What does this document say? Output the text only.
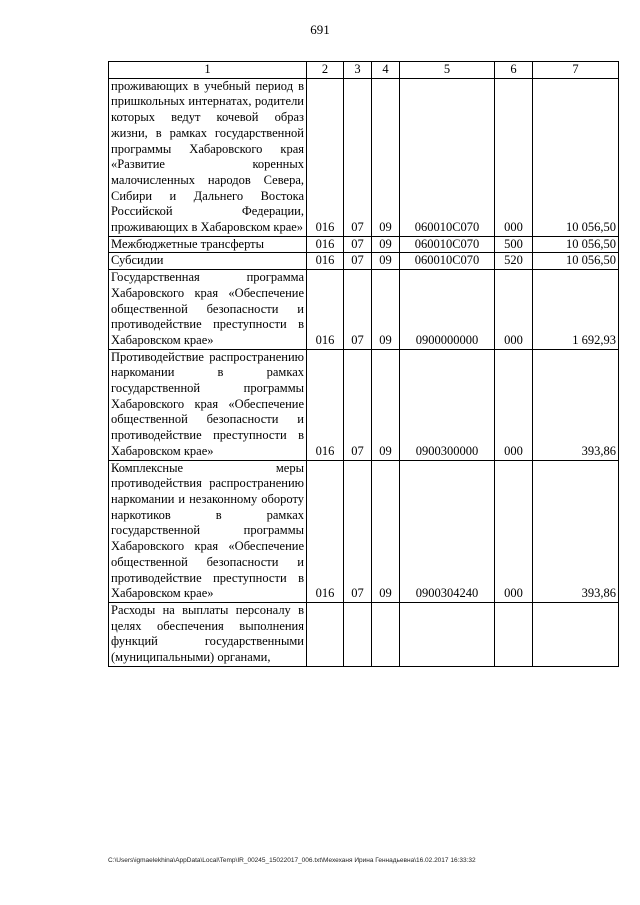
691
1	2	3	4	5	6	7
проживающих в учебный период в пришкольных интернатах, родители которых ведут кочевой образ жизни, в рамках государственной программы Хабаровского края «Развитие коренных малочисленных народов Севера, Сибири и Дальнего Востока Российской Федерации, проживающих в Хабаровском крае»	016	07	09	060010С070	000	10 056,50
Межбюджетные трансферты	016	07	09	060010С070	500	10 056,50
Субсидии	016	07	09	060010С070	520	10 056,50
Государственная программа Хабаровского края «Обеспечение общественной безопасности и противодействие преступности в Хабаровском крае»	016	07	09	0900000000	000	1 692,93
Противодействие распространению наркомании в рамках государственной программы Хабаровского края «Обеспечение общественной безопасности и противодействие преступности в Хабаровском крае»	016	07	09	0900300000	000	393,86
Комплексные меры противодействия распространению наркомании и незаконному обороту наркотиков в рамках государственной программы Хабаровского края «Обеспечение общественной безопасности и противодействие преступности в Хабаровском крае»	016	07	09	0900304240	000	393,86
Расходы на выплаты персоналу в целях обеспечения выполнения функций государственными (муниципальными) органами,						
C:\Users\igmaelekhina\AppData\Local\Temp\IR_00245_15022017_006.txt\Мехеханя Ирина Геннадьевна\16.02.2017 16:33:32
